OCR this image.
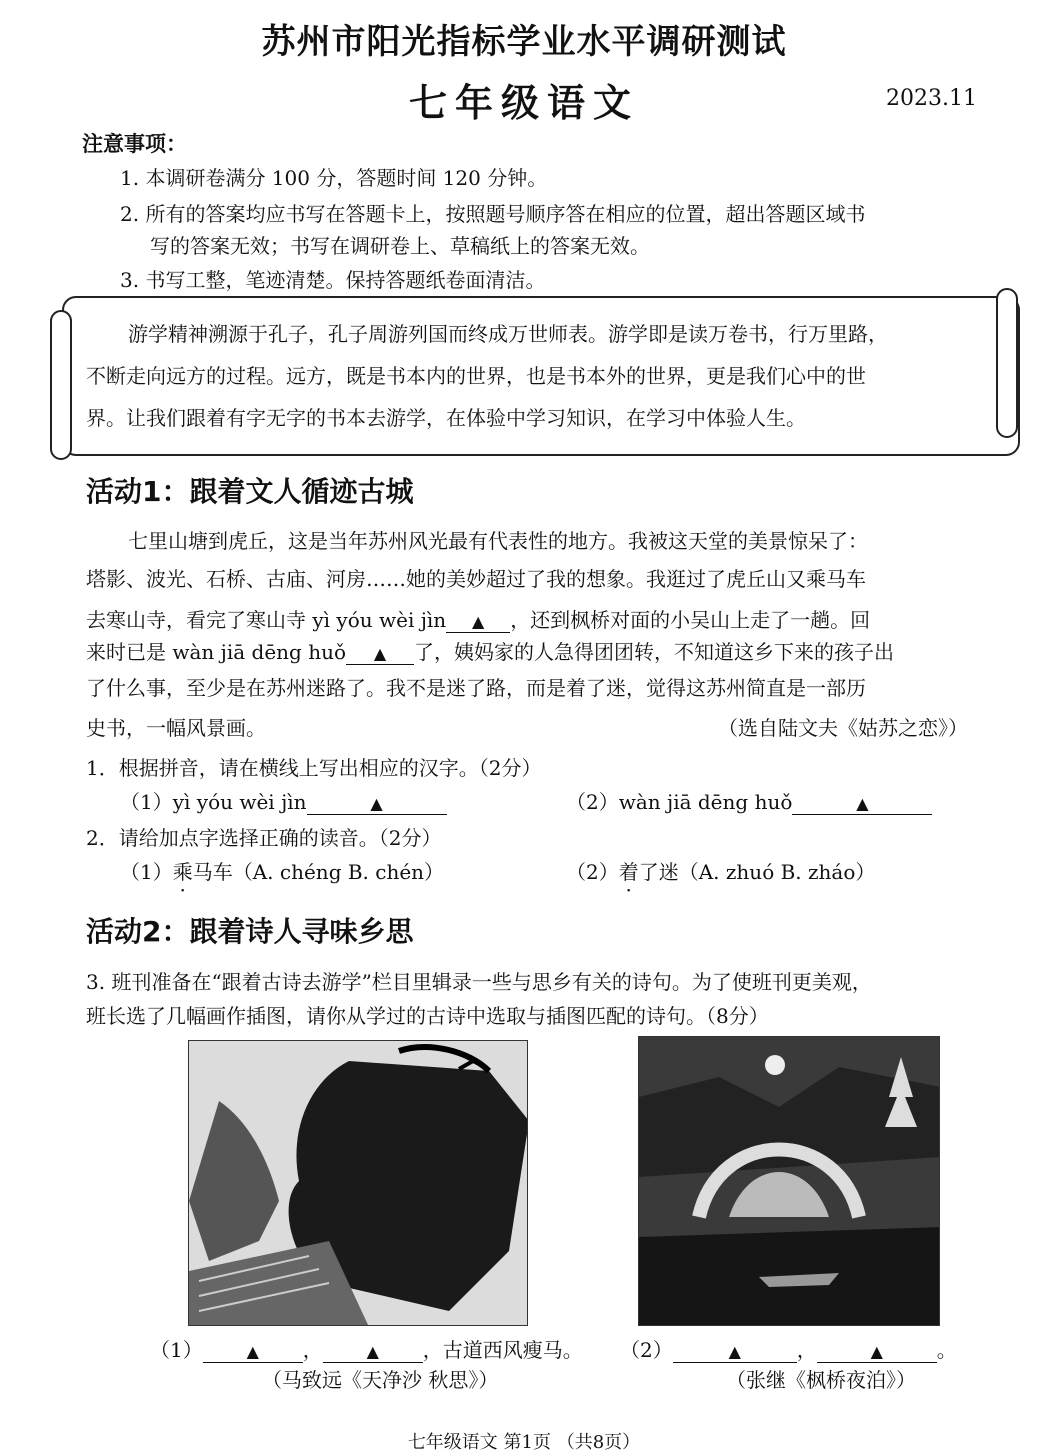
苏州市阳光指标学业水平调研测试
七年级语文	2023.11
注意事项：
1. 本调研卷满分 100 分，答题时间 120 分钟。
2. 所有的答案均应书写在答题卡上，按照题号顺序答在相应的位置，超出答题区域书
写的答案无效；书写在调研卷上、草稿纸上的答案无效。
3. 书写工整，笔迹清楚。保持答题纸卷面清洁。
游学精神溯源于孔子，孔子周游列国而终成万世师表。游学即是读万卷书，行万里路，
不断走向远方的过程。远方，既是书本内的世界，也是书本外的世界，更是我们心中的世
界。让我们跟着有字无字的书本去游学，在体验中学习知识，在学习中体验人生。
活动1：跟着文人循迹古城
七里山塘到虎丘，这是当年苏州风光最有代表性的地方。我被这天堂的美景惊呆了：
塔影、波光、石桥、古庙、河房……她的美妙超过了我的想象。我逛过了虎丘山又乘马车
去寒山寺，看完了寒山寺 yì yóu wèi jìn ▲ ，还到枫桥对面的小吴山上走了一趟。回
来时已是 wàn jiā dēng huǒ ▲ 了，姨妈家的人急得团团转，不知道这乡下来的孩子出
了什么事，至少是在苏州迷路了。我不是迷了路，而是着了迷，觉得这苏州简直是一部历
史书，一幅风景画。	（选自陆文夫《姑苏之恋》）
1．根据拼音，请在横线上写出相应的汉字。（2分）
（1）yì yóu wèi jìn	▲	（2）wàn jiā dēng huǒ	▲
2．请给加点字选择正确的读音。（2分）
（1）乘马车（A. chéng B. chén）	（2）着了迷（A. zhuó B. zháo）
活动2：跟着诗人寻味乡思
3. 班刊准备在“跟着古诗去游学”栏目里辑录一些与思乡有关的诗句。为了使班刊更美观，
班长选了几幅画作插图，请你从学过的古诗中选取与插图匹配的诗句。（8分）
（1）	▲ ，	▲ ，古道西风瘦马。
（马致远《天净沙 秋思》）
（2）	▲	，	▲	。
（张继《枫桥夜泊》）
七年级语文 第1页 （共8页）
